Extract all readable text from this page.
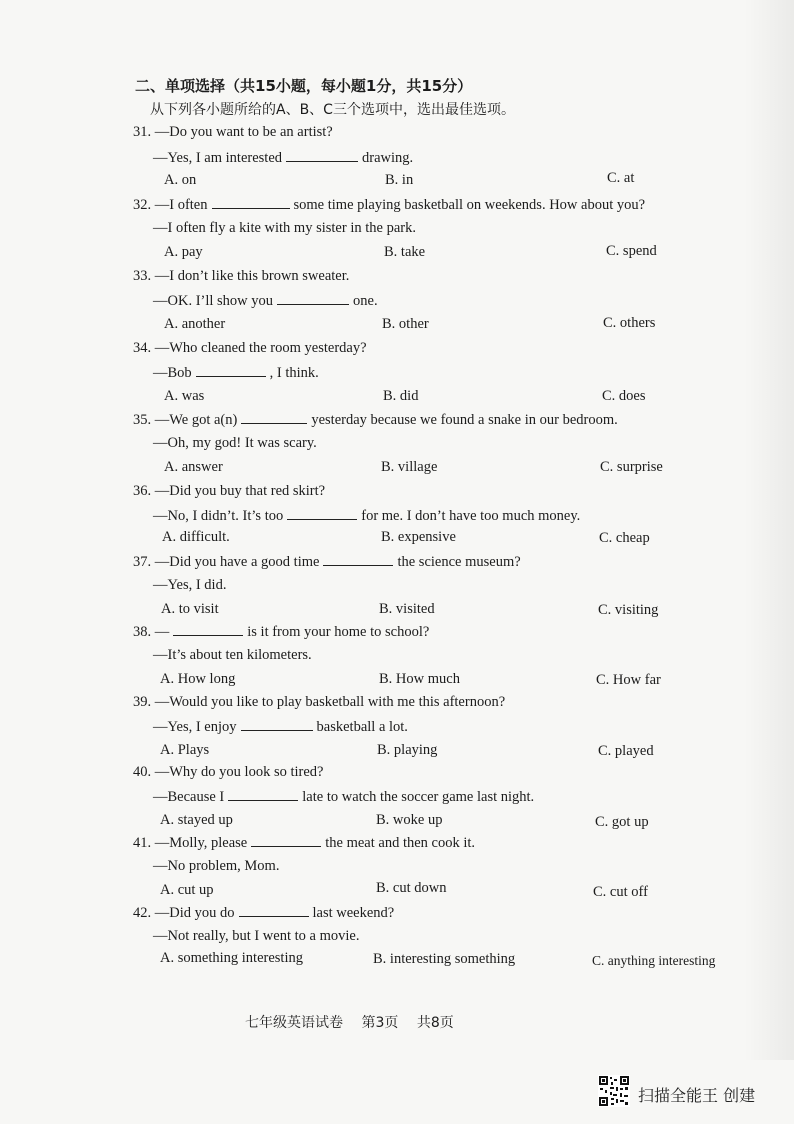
二、单项选择（共15小题，每小题1分，共15分）
从下列各小题所给的A、B、C三个选项中，选出最佳选项。
31. —Do you want to be an artist?
—Yes, I am interested	drawing.
A. on	B. in	C. at
32. —I often	some time playing basketball on weekends. How about you?
—I often fly a kite with my sister in the park.
A. pay	B. take	C. spend
33. —I don’t like this brown sweater.
—OK. I’ll show you	one.
A. another	B. other	C. others
34. —Who cleaned the room yesterday?
—Bob	, I think.
A. was	B. did	C. does
35. —We got a(n)	yesterday because we found a snake in our bedroom.
—Oh, my god! It was scary.
A. answer	B. village	C. surprise
36. —Did you buy that red skirt?
—No, I didn’t. It’s too	for me. I don’t have too much money.
A. difficult.	B. expensive	C. cheap
37. —Did you have a good time	the science museum?
—Yes, I did.
A. to visit	B. visited	C. visiting
38. —	is it from your home to school?
—It’s about ten kilometers.
A. How long	B. How much	C. How far
39. —Would you like to play basketball with me this afternoon?
—Yes, I enjoy	basketball a lot.
A. Plays	B. playing	C. played
40. —Why do you look so tired?
—Because I	late to watch the soccer game last night.
A. stayed up	B. woke up	C. got up
41. —Molly, please	the meat and then cook it.
—No problem, Mom.
A. cut up	B. cut down	C. cut off
42. —Did you do	last weekend?
—Not really, but I went to a movie.
A. something interesting	B. interesting something	C. anything interesting
七年级英语试卷 第3页 共8页
扫描全能王 创建
